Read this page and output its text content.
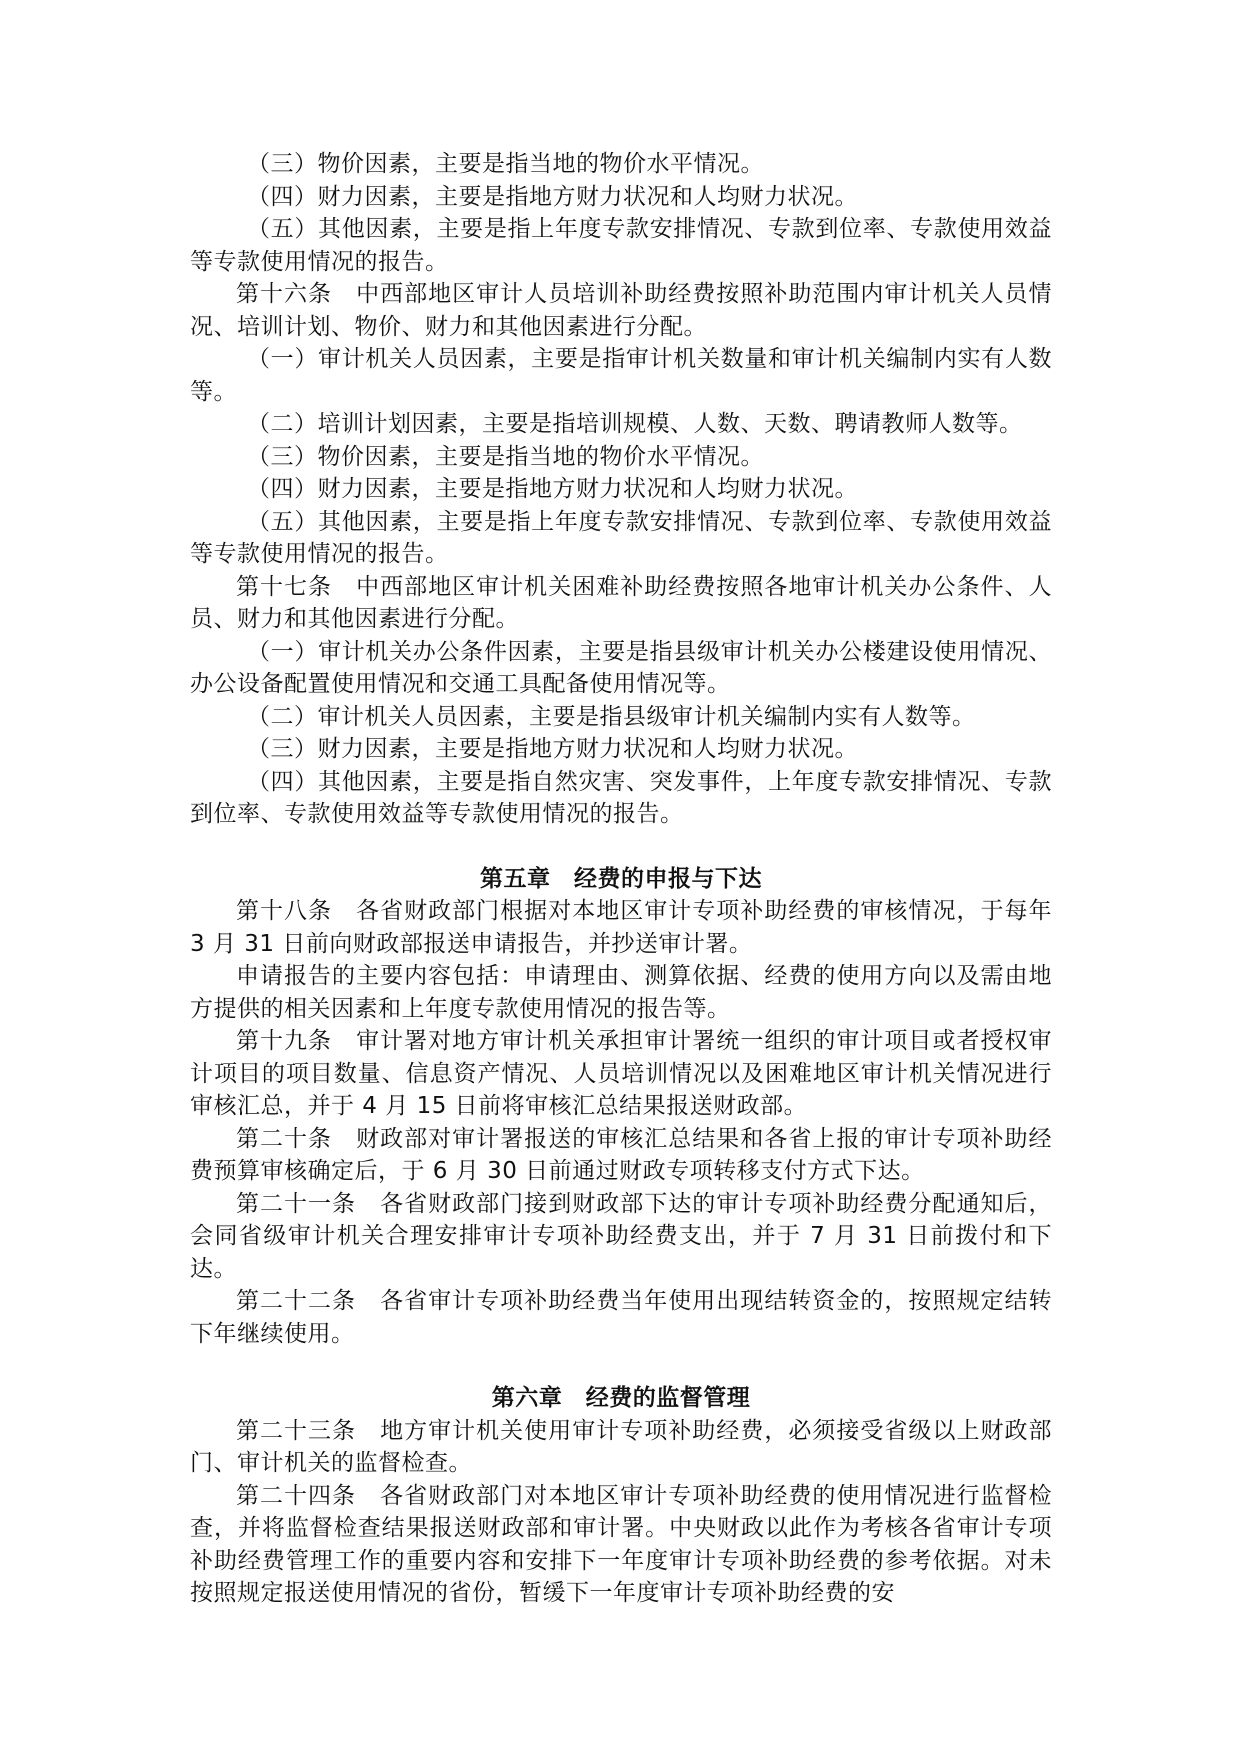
（三）物价因素，主要是指当地的物价水平情况。

（四）财力因素，主要是指地方财力状况和人均财力状况。

（五）其他因素，主要是指上年度专款安排情况、专款到位率、专款使用效益等专款使用情况的报告。

第十六条　中西部地区审计人员培训补助经费按照补助范围内审计机关人员情况、培训计划、物价、财力和其他因素进行分配。

（一）审计机关人员因素，主要是指审计机关数量和审计机关编制内实有人数等。

（二）培训计划因素，主要是指培训规模、人数、天数、聘请教师人数等。

（三）物价因素，主要是指当地的物价水平情况。

（四）财力因素，主要是指地方财力状况和人均财力状况。

（五）其他因素，主要是指上年度专款安排情况、专款到位率、专款使用效益等专款使用情况的报告。

第十七条　中西部地区审计机关困难补助经费按照各地审计机关办公条件、人员、财力和其他因素进行分配。

（一）审计机关办公条件因素，主要是指县级审计机关办公楼建设使用情况、办公设备配置使用情况和交通工具配备使用情况等。

（二）审计机关人员因素，主要是指县级审计机关编制内实有人数等。

（三）财力因素，主要是指地方财力状况和人均财力状况。

（四）其他因素，主要是指自然灾害、突发事件，上年度专款安排情况、专款到位率、专款使用效益等专款使用情况的报告。

第五章　经费的申报与下达

第十八条　各省财政部门根据对本地区审计专项补助经费的审核情况，于每年 3 月 31 日前向财政部报送申请报告，并抄送审计署。

申请报告的主要内容包括：申请理由、测算依据、经费的使用方向以及需由地方提供的相关因素和上年度专款使用情况的报告等。

第十九条　审计署对地方审计机关承担审计署统一组织的审计项目或者授权审计项目的项目数量、信息资产情况、人员培训情况以及困难地区审计机关情况进行审核汇总，并于 4 月 15 日前将审核汇总结果报送财政部。

第二十条　财政部对审计署报送的审核汇总结果和各省上报的审计专项补助经费预算审核确定后，于 6 月 30 日前通过财政专项转移支付方式下达。

第二十一条　各省财政部门接到财政部下达的审计专项补助经费分配通知后，会同省级审计机关合理安排审计专项补助经费支出，并于 7 月 31 日前拨付和下达。

第二十二条　各省审计专项补助经费当年使用出现结转资金的，按照规定结转下年继续使用。

第六章　经费的监督管理

第二十三条　地方审计机关使用审计专项补助经费，必须接受省级以上财政部门、审计机关的监督检查。

第二十四条　各省财政部门对本地区审计专项补助经费的使用情况进行监督检查，并将监督检查结果报送财政部和审计署。中央财政以此作为考核各省审计专项补助经费管理工作的重要内容和安排下一年度审计专项补助经费的参考依据。对未按照规定报送使用情况的省份，暂缓下一年度审计专项补助经费的安
